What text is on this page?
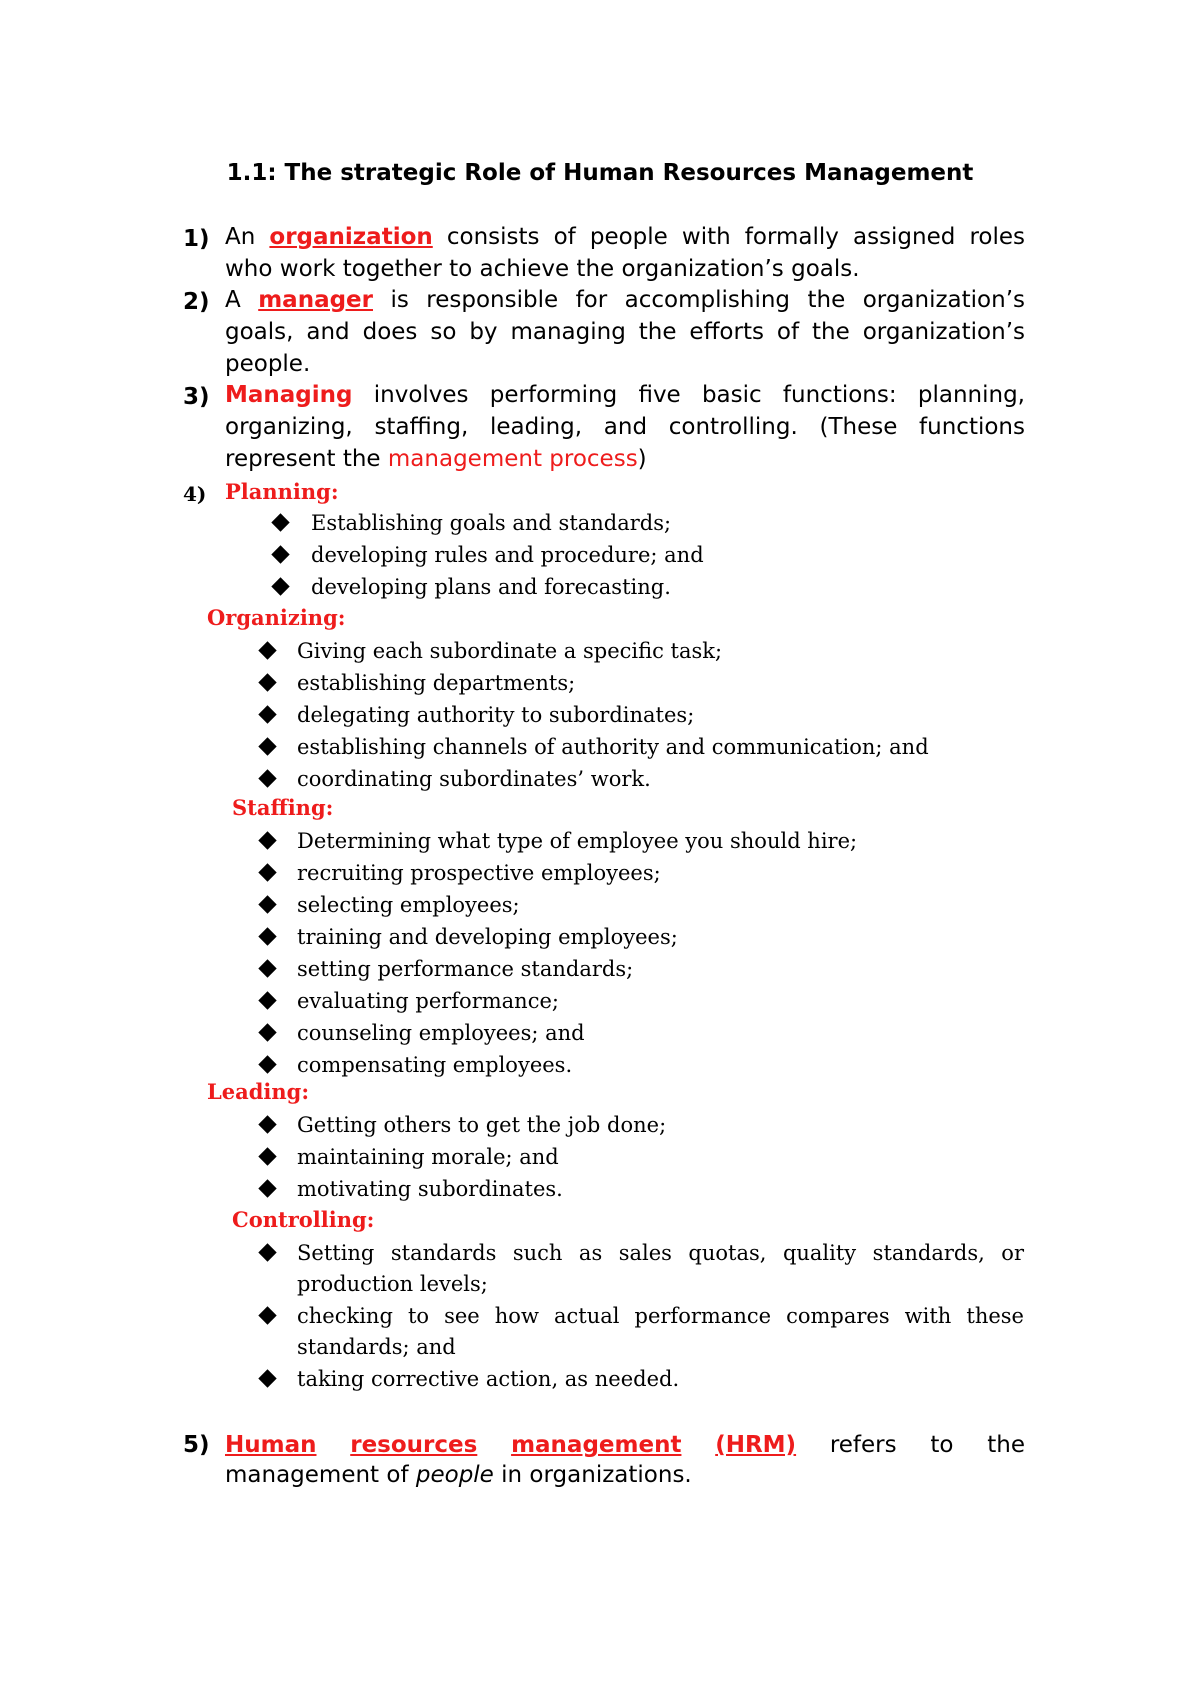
1.1: The strategic Role of Human Resources Management
1) An organization consists of people with formally assigned roles who work together to achieve the organization’s goals.
2) A manager is responsible for accomplishing the organization’s goals, and does so by managing the efforts of the organization’s people.
3) Managing involves performing five basic functions: planning, organizing, staffing, leading, and controlling. (These functions represent the management process)
4) Planning:
Establishing goals and standards;
developing rules and procedure; and
developing plans and forecasting.
Organizing:
Giving each subordinate a specific task;
establishing departments;
delegating authority to subordinates;
establishing channels of authority and communication; and
coordinating subordinates’ work.
Staffing:
Determining what type of employee you should hire;
recruiting prospective employees;
selecting employees;
training and developing employees;
setting performance standards;
evaluating performance;
counseling employees; and
compensating employees.
Leading:
Getting others to get the job done;
maintaining morale; and
motivating subordinates.
Controlling:
Setting standards such as sales quotas, quality standards, or production levels;
checking to see how actual performance compares with these standards; and
taking corrective action, as needed.
5) Human resources management (HRM) refers to the
management of people in organizations.
